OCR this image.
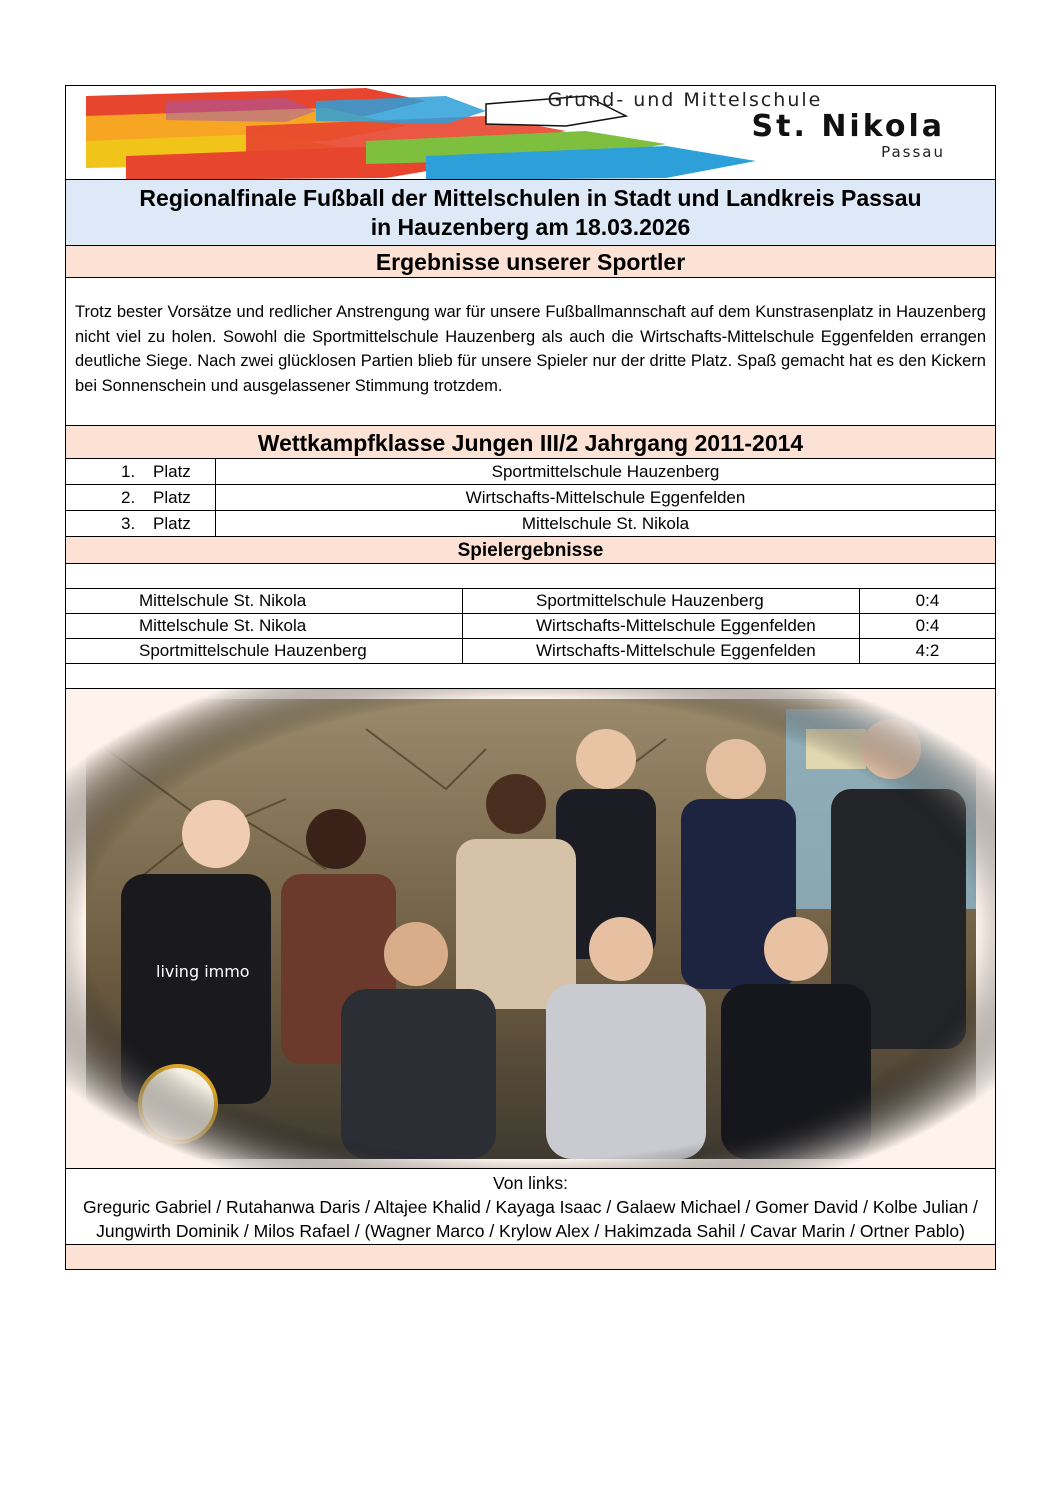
Grund- und Mittelschule
St. Nikola
Passau
Regionalfinale Fußball der Mittelschulen in Stadt und Landkreis Passau
in Hauzenberg am 18.03.2026
Ergebnisse unserer Sportler
Trotz bester Vorsätze und redlicher Anstrengung war für unsere Fußballmannschaft auf dem Kunstrasenplatz in Hauzenberg nicht viel zu holen. Sowohl die Sportmittelschule Hauzenberg als auch die Wirtschafts-Mittelschule Eggenfelden errangen deutliche Siege. Nach zwei glücklosen Partien blieb für unsere Spieler nur der dritte Platz. Spaß gemacht hat es den Kickern bei Sonnenschein und ausgelassener Stimmung trotzdem.
Wettkampfklasse Jungen III/2 Jahrgang 2011-2014
1. Platz	Sportmittelschule Hauzenberg
2. Platz	Wirtschafts-Mittelschule Eggenfelden
3. Platz	Mittelschule St. Nikola
Spielergebnisse
Mittelschule St. Nikola	Sportmittelschule Hauzenberg	0:4
Mittelschule St. Nikola	Wirtschafts-Mittelschule Eggenfelden	0:4
Sportmittelschule Hauzenberg	Wirtschafts-Mittelschule Eggenfelden	4:2
Von links:
Greguric Gabriel / Rutahanwa Daris / Altajee Khalid / Kayaga Isaac / Galaew Michael / Gomer David / Kolbe Julian /
Jungwirth Dominik / Milos Rafael / (Wagner Marco / Krylow Alex / Hakimzada Sahil / Cavar Marin / Ortner Pablo)
